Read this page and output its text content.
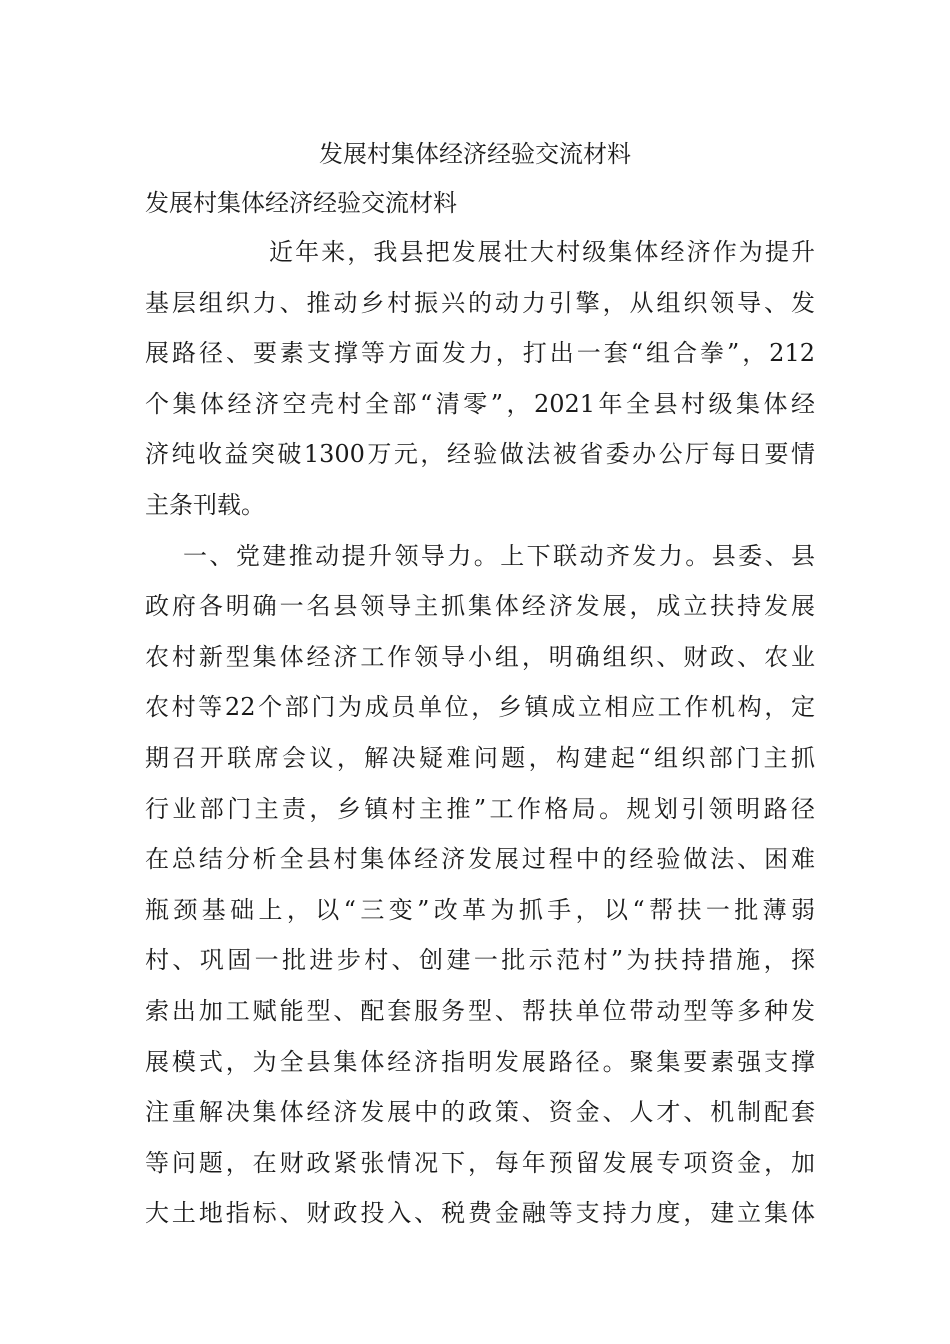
发展村集体经济经验交流材料
发展村集体经济经验交流材料
近年来，我县把发展壮大村级集体经济作为提升
基层组织力、推动乡村振兴的动力引擎，从组织领导、发
展路径、要素支撑等方面发力，打出一套“组合拳”，212
个集体经济空壳村全部“清零”，2021年全县村级集体经
济纯收益突破1300万元，经验做法被省委办公厅每日要情
主条刊载。
一、党建推动提升领导力。上下联动齐发力。县委、县
政府各明确一名县领导主抓集体经济发展，成立扶持发展
农村新型集体经济工作领导小组，明确组织、财政、农业
农村等22个部门为成员单位，乡镇成立相应工作机构，定
期召开联席会议，解决疑难问题，构建起“组织部门主抓
行业部门主责，乡镇村主推”工作格局。规划引领明路径
在总结分析全县村集体经济发展过程中的经验做法、困难
瓶颈基础上，以“三变”改革为抓手，以“帮扶一批薄弱
村、巩固一批进步村、创建一批示范村”为扶持措施，探
索出加工赋能型、配套服务型、帮扶单位带动型等多种发
展模式，为全县集体经济指明发展路径。聚集要素强支撑
注重解决集体经济发展中的政策、资金、人才、机制配套
等问题，在财政紧张情况下，每年预留发展专项资金，加
大土地指标、财政投入、税费金融等支持力度，建立集体
